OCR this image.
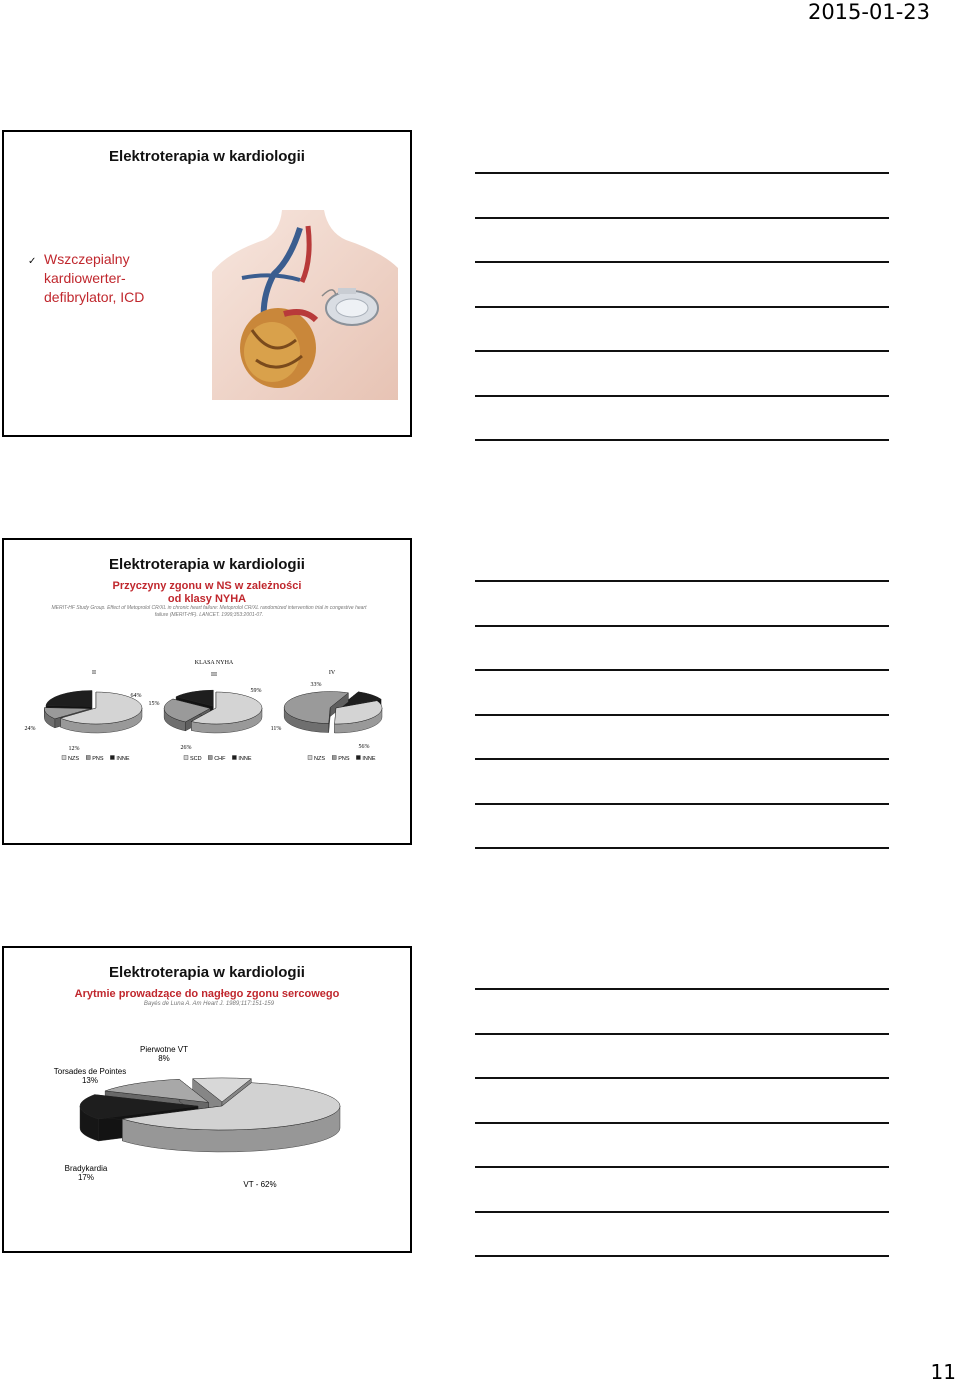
2015-01-23
Elektroterapia w kardiologii
✓ Wszczepialny
kardiowerter-
defibrylator, ICD
Elektroterapia w kardiologii
Przyczyny zgonu w NS w zależności
od klasy NYHA
MERIT-HF Study Group. Effect of Metoprolol CR/XL in chronic heart failure: Metoprolol CR/XL randomized intervention trial in congestive heart
failure (MERIT-HF). LANCET. 1999;353:2001-07.
KLASA NYHA
II
64%
12%
24%
NZS PNS INNE
III
59%
26%
15%
SCD CHF INNE
IV
33%
56%
11%
NZS PNS INNE
Elektroterapia w kardiologii
Arytmie prowadzące do nagłego zgonu sercowego
Bayés de Luna A. Am Heart J. 1989;117:151-159
VT - 62%
Bradykardia
17%
Torsades de Pointes
13%
Pierwotne VT
8%
11
